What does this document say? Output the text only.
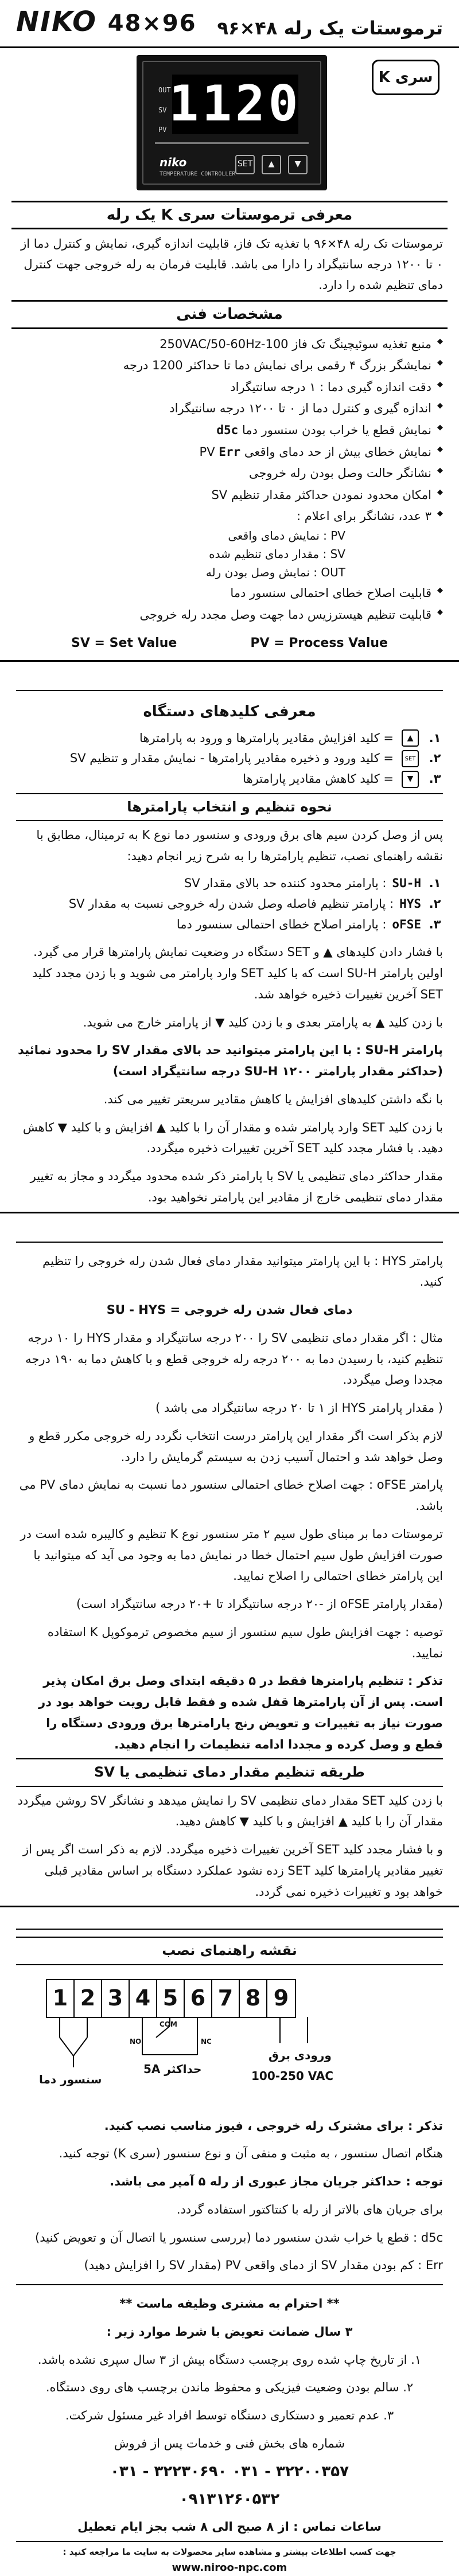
NIKO 48×96 ترموستات یک رله ۴۸×۹۶
سری K
OUT
SV
PV 1120
niko
TEMPERATURE CONTROLLER
SET	▲	▼
معرفی ترموستات سری K یک رله

ترموستات تک رله ۴۸×۹۶ با تغذیه تک فاز، قابلیت اندازه گیری، نمایش و کنترل دما از ۰ تا ۱۲۰۰ درجه سانتیگراد را دارا می باشد. قابلیت فرمان به رله خروجی جهت کنترل دمای تنظیم شده را دارد.

مشخصات فنی
◆ منبع تغذیه سوئیچینگ تک فاز 100-250VAC/50-60Hz
◆ نمایشگر بزرگ ۴ رقمی برای نمایش دما تا حداکثر 1200 درجه
◆ دقت اندازه گیری دما : ۱ درجه سانتیگراد
◆ اندازه گیری و کنترل دما از ۰ تا ۱۲۰۰ درجه سانتیگراد
◆ نمایش قطع یا خراب بودن سنسور دما d5c
◆ نمایش خطای بیش از حد دمای واقعی PV Err
◆ نشانگر حالت وصل بودن رله خروجی
◆ امکان محدود نمودن حداکثر مقدار تنظیم SV
◆ ۳ عدد، نشانگر برای اعلام :
PV : نمایش دمای واقعی
SV : مقدار دمای تنظیم شده
OUT : نمایش وصل بودن رله
◆ قابلیت اصلاح خطای احتمالی سنسور دما
◆ قابلیت تنظیم هیسترزیس دما جهت وصل مجدد رله خروجی
SV = Set Value	PV = Process Value
معرفی کلیدهای دستگاه
۱.
▲
= کلید افزایش مقادیر پارامترها و ورود به پارامترها
۲.
SET
= کلید ورود و ذخیره مقادیر پارامترها - نمایش مقدار و تنظیم SV
۳.
▼
= کلید کاهش مقادیر پارامترها
نحوه تنظیم و انتخاب پارامترها

پس از وصل کردن سیم های برق ورودی و سنسور دما نوع K به ترمینال، مطابق با نقشه راهنمای نصب، تنظیم پارامترها را به شرح زیر انجام دهید:

۱.
SU-H
: پارامتر محدود کننده حد بالای مقدار SV
۲.
HYS
: پارامتر تنظیم فاصله وصل شدن رله خروجی نسبت به مقدار SV
۳.
oFSE
: پارامتر اصلاح خطای احتمالی سنسور دما

با فشار دادن کلیدهای ▲ و SET دستگاه در وضعیت نمایش پارامترها قرار می گیرد. اولین پارامتر SU-H است که با کلید SET وارد پارامتر می شوید و با زدن مجدد کلید SET آخرین تغییرات ذخیره خواهد شد.

با زدن کلید ▲ به پارامتر بعدی و با زدن کلید ▼ از پارامتر خارج می شوید.

پارامتر SU-H : با این پارامتر میتوانید حد بالای مقدار SV را محدود نمائید (حداکثر مقدار پارامتر SU-H ۱۲۰۰ درجه سانتیگراد است)

با نگه داشتن کلیدهای افزایش یا کاهش مقادیر سریعتر تغییر می کند.

با زدن کلید SET وارد پارامتر شده و مقدار آن را با کلید ▲ افزایش و با کلید ▼ کاهش دهید. با فشار مجدد کلید SET آخرین تغییرات ذخیره میگردد.

مقدار حداکثر دمای تنظیمی یا SV با پارامتر ذکر شده محدود میگردد و مجاز به تغییر مقدار دمای تنظیمی خارج از مقادیر این پارامتر نخواهید بود.

پارامتر HYS : با این پارامتر میتوانید مقدار دمای فعال شدن رله خروجی را تنظیم کنید.

دمای فعال شدن رله خروجی = SU - HYS

مثال : اگر مقدار دمای تنظیمی SV را ۲۰۰ درجه سانتیگراد و مقدار HYS را ۱۰ درجه تنظیم کنید، با رسیدن دما به ۲۰۰ درجه رله خروجی قطع و با کاهش دما به ۱۹۰ درجه مجددا وصل میگردد.

( مقدار پارامتر HYS از ۱ تا ۲۰ درجه سانتیگراد می باشد )

لازم بذکر است اگر مقدار این پارامتر درست انتخاب نگردد رله خروجی مکرر قطع و وصل خواهد شد و احتمال آسیب زدن به سیستم گرمایش را دارد.

پارامتر oFSE : جهت اصلاح خطای احتمالی سنسور دما نسبت به نمایش دمای PV می باشد.

ترموستات دما بر مبنای طول سیم ۲ متر سنسور نوع K تنظیم و کالیبره شده است در صورت افزایش طول سیم احتمال خطا در نمایش دما به وجود می آید که میتوانید با این پارامتر خطای احتمالی را اصلاح نمایید.

(مقدار پارامتر oFSE از -۲۰ درجه سانتیگراد تا +۲۰ درجه سانتیگراد است)

توصیه : جهت افزایش طول سیم سنسور از سیم مخصوص ترموکوپل K استفاده نمایید.

تذکر : تنظیم پارامترها فقط در ۵ دقیقه ابتدای وصل برق امکان پذیر است. پس از آن پارامترها قفل شده و فقط قابل رویت خواهد بود در صورت نیاز به تغییرات و تعویض رنج پارامترها برق ورودی دستگاه را قطع و وصل کرده و مجددا ادامه تنظیمات را انجام دهید.

طریقه تنظیم مقدار دمای تنظیمی یا SV

با زدن کلید SET مقدار دمای تنظیمی SV را نمایش میدهد و نشانگر SV روشن میگردد مقدار آن را با کلید ▲ افزایش و با کلید ▼ کاهش دهید.

و با فشار مجدد کلید SET آخرین تغییرات ذخیره میگردد. لازم به ذکر است اگر پس از تغییر مقادیر پارامترها کلید SET زده نشود عملکرد دستگاه بر اساس مقادیر قبلی خواهد بود و تغییرات ذخیره نمی گردد.

نقشه راهنمای نصب
1 2 3 4 5 6 7 8 9
COM
NO	NC
سنسور دما
حداکثر 5A
ورودی برق
100-250 VAC

تذکر : برای مشترک رله خروجی ، فیوز مناسب نصب کنید.

هنگام اتصال سنسور ، به مثبت و منفی آن و نوع سنسور (سری K) توجه کنید.

توجه : حداکثر جریان مجاز عبوری از رله ۵ آمپر می باشد.

برای جریان های بالاتر از رله با کنتاکتور استفاده گردد.

d5c : قطع یا خراب شدن سنسور دما (بررسی سنسور یا اتصال آن و تعویض کنید)

Err : کم بودن مقدار SV از دمای واقعی PV (مقدار SV را افزایش دهید)

** احترام به مشتری وظیفه ماست **

۳ سال ضمانت تعویض با شرط موارد زیر :

۱. از تاریخ چاپ شده روی برچسب دستگاه بیش از ۳ سال سپری نشده باشد.

۲. سالم بودن وضعیت فیزیکی و محفوظ ماندن برچسب های روی دستگاه.

۳. عدم تعمیر و دستکاری دستگاه توسط افراد غیر مسئول شرکت.

شماره های بخش فنی و خدمات پس از فروش

۰۳۱ - ۳۲۲۳۰۶۹۰ ۰۳۱ - ۳۲۲۰۰۳۵۷
۰۹۱۳۱۲۶۰۵۳۲

ساعات تماس : از ۸ صبح الی ۸ شب بجز ایام تعطیل

جهت کسب اطلاعات بیشتر و مشاهده سایر محصولات به سایت ما مراجعه کنید :
www.niroo-npc.com
